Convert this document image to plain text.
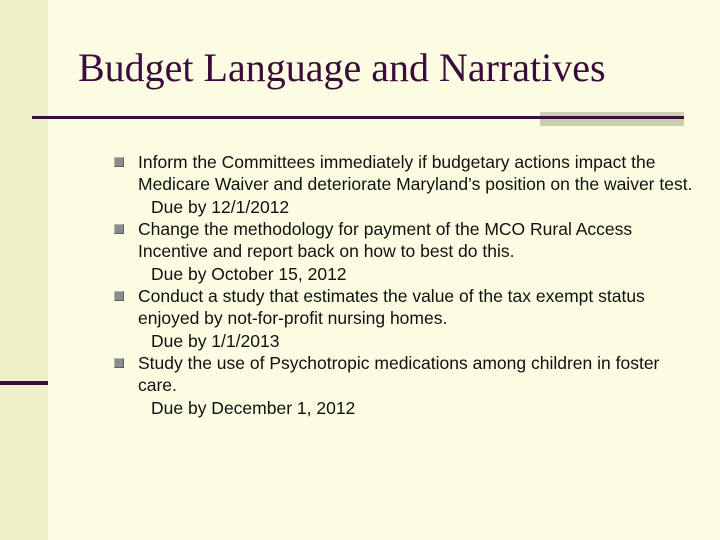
Budget Language and Narratives
Inform the Committees immediately if budgetary actions impact the Medicare Waiver and deteriorate Maryland’s position on the waiver test.
Due by 12/1/2012
Change the methodology for payment of the MCO Rural Access Incentive and report back on how to best do this.
Due by October 15, 2012
Conduct a study that estimates the value of the tax exempt status enjoyed by not-for-profit nursing homes.
Due by 1/1/2013
Study the use of Psychotropic medications among children in foster care.
Due by December 1, 2012
